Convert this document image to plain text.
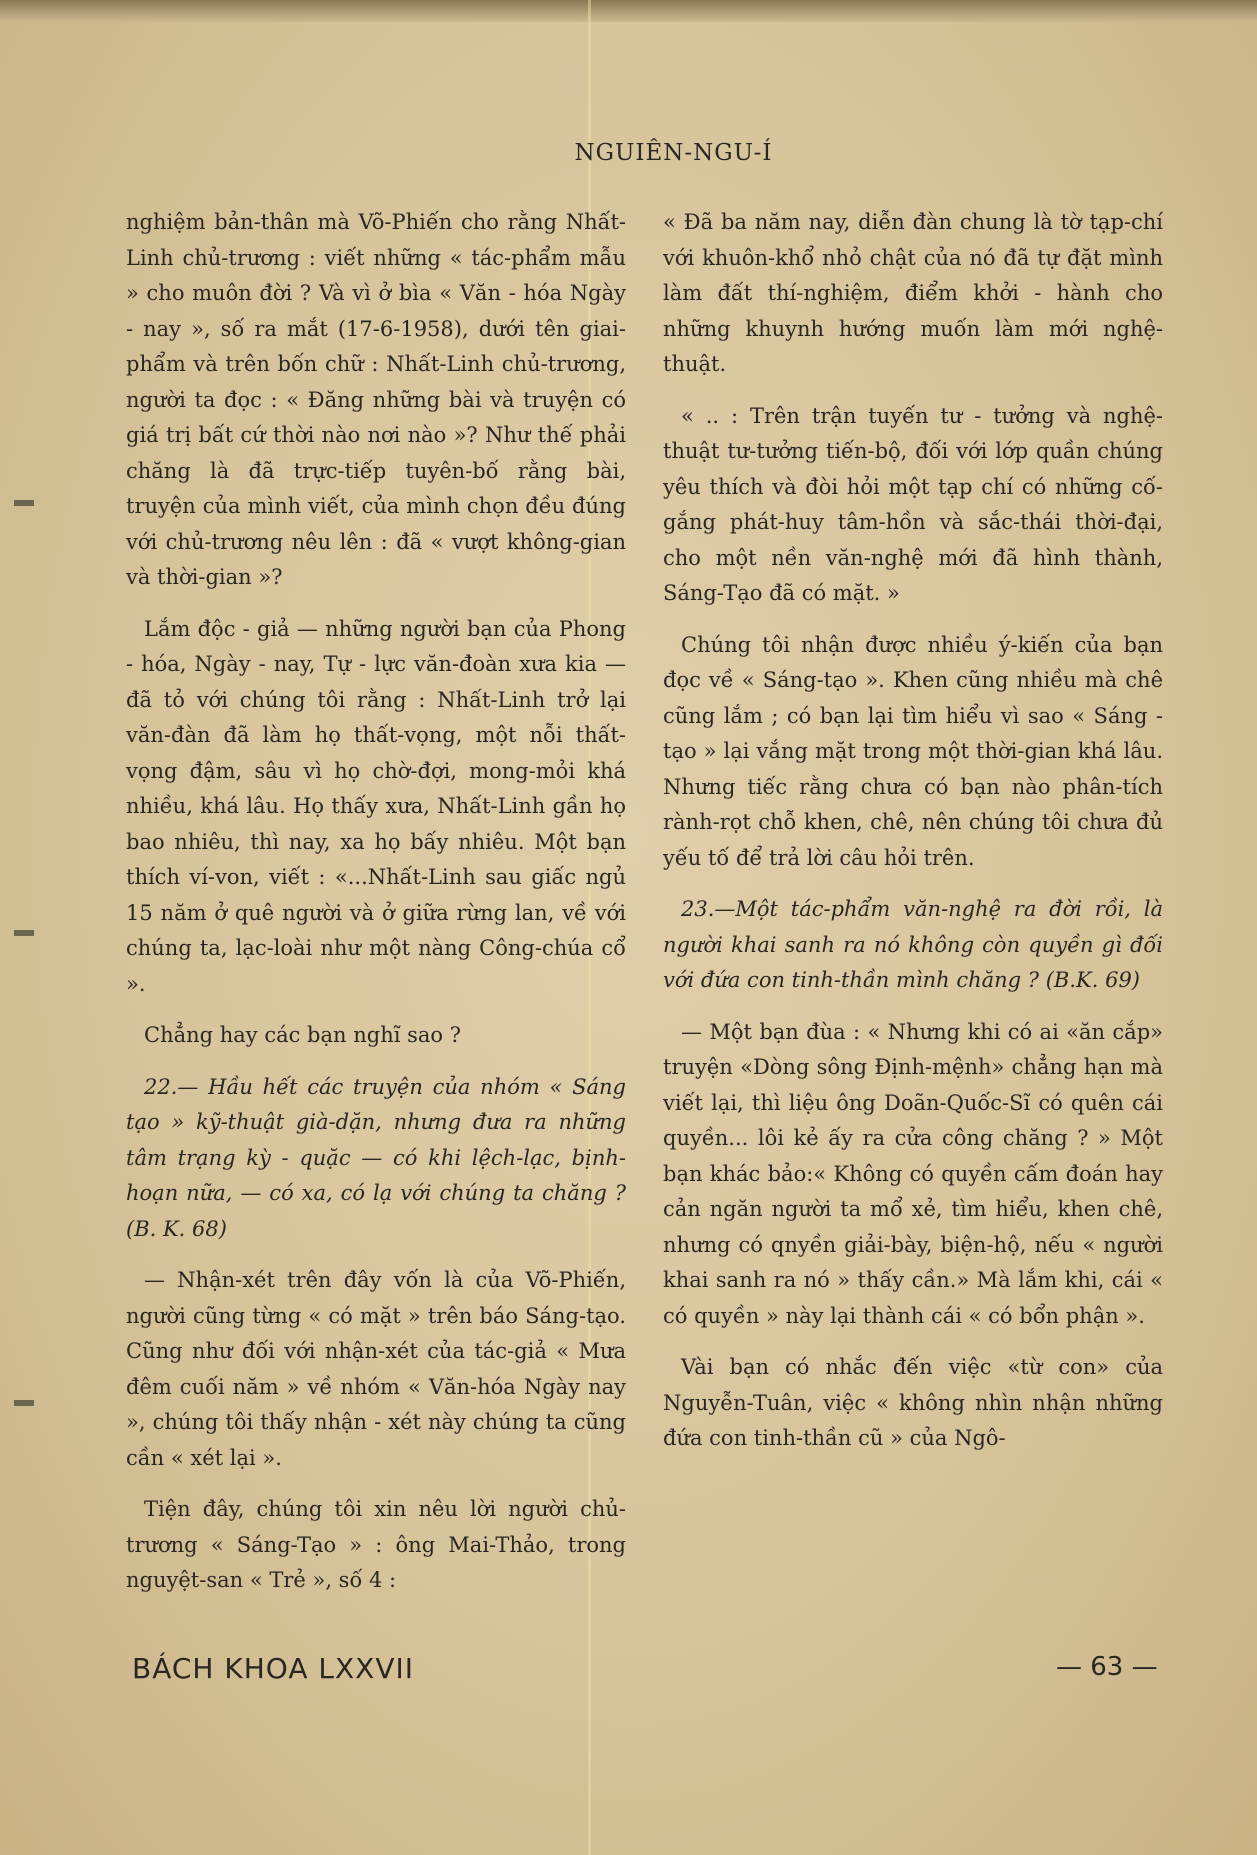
NGUIÊN-NGU-Í

nghiệm bản-thân mà Võ-Phiến cho rằng Nhất-Linh chủ-trương : viết những « tác-phẩm mẫu » cho muôn đời ? Và vì ở bìa « Văn - hóa Ngày - nay », số ra mắt (17-6-1958), dưới tên giai-phẩm và trên bốn chữ : Nhất-Linh chủ-trương, người ta đọc : « Đăng những bài và truyện có giá trị bất cứ thời nào nơi nào »? Như thế phải chăng là đã trực-tiếp tuyên-bố rằng bài, truyện của mình viết, của mình chọn đều đúng với chủ-trương nêu lên : đã « vượt không-gian và thời-gian »?

Lắm độc - giả — những người bạn của Phong - hóa, Ngày - nay, Tự - lực văn-đoàn xưa kia — đã tỏ với chúng tôi rằng : Nhất-Linh trở lại văn-đàn đã làm họ thất-vọng, một nỗi thất-vọng đậm, sâu vì họ chờ-đợi, mong-mỏi khá nhiều, khá lâu. Họ thấy xưa, Nhất-Linh gần họ bao nhiêu, thì nay, xa họ bấy nhiêu. Một bạn thích ví-von, viết : «...Nhất-Linh sau giấc ngủ 15 năm ở quê người và ở giữa rừng lan, về với chúng ta, lạc-loài như một nàng Công-chúa cổ ».

Chẳng hay các bạn nghĩ sao ?

22.— Hầu hết các truyện của nhóm « Sáng tạo » kỹ-thuật già-dặn, nhưng đưa ra những tâm trạng kỳ - quặc — có khi lệch-lạc, bịnh-hoạn nữa, — có xa, có lạ với chúng ta chăng ? (B. K. 68)

— Nhận-xét trên đây vốn là của Võ-Phiến, người cũng từng « có mặt » trên báo Sáng-tạo. Cũng như đối với nhận-xét của tác-giả « Mưa đêm cuối năm » về nhóm « Văn-hóa Ngày nay », chúng tôi thấy nhận - xét này chúng ta cũng cần « xét lại ».

Tiện đây, chúng tôi xin nêu lời người chủ-trương « Sáng-Tạo » : ông Mai-Thảo, trong nguyệt-san « Trẻ », số 4 :

« Đã ba năm nay, diễn đàn chung là tờ tạp-chí với khuôn-khổ nhỏ chật của nó đã tự đặt mình làm đất thí-nghiệm, điểm khởi - hành cho những khuynh hướng muốn làm mới nghệ-thuật.

« .. : Trên trận tuyến tư - tưởng và nghệ-thuật tư-tưởng tiến-bộ, đối với lớp quần chúng yêu thích và đòi hỏi một tạp chí có những cố-gắng phát-huy tâm-hồn và sắc-thái thời-đại, cho một nền văn-nghệ mới đã hình thành, Sáng-Tạo đã có mặt. »

Chúng tôi nhận được nhiều ý-kiến của bạn đọc về « Sáng-tạo ». Khen cũng nhiều mà chê cũng lắm ; có bạn lại tìm hiểu vì sao « Sáng - tạo » lại vắng mặt trong một thời-gian khá lâu. Nhưng tiếc rằng chưa có bạn nào phân-tích rành-rọt chỗ khen, chê, nên chúng tôi chưa đủ yếu tố để trả lời câu hỏi trên.

23.—Một tác-phẩm văn-nghệ ra đời rồi, là người khai sanh ra nó không còn quyền gì đối với đứa con tinh-thần mình chăng ? (B.K. 69)

— Một bạn đùa : « Nhưng khi có ai «ăn cắp» truyện «Dòng sông Định-mệnh» chẳng hạn mà viết lại, thì liệu ông Doãn-Quốc-Sĩ có quên cái quyền... lôi kẻ ấy ra cửa công chăng ? » Một bạn khác bảo:« Không có quyền cấm đoán hay cản ngăn người ta mổ xẻ, tìm hiểu, khen chê, nhưng có qnyền giải-bày, biện-hộ, nếu « người khai sanh ra nó » thấy cần.» Mà lắm khi, cái « có quyền » này lại thành cái « có bổn phận ».

Vài bạn có nhắc đến việc «từ con» của Nguyễn-Tuân, việc « không nhìn nhận những đứa con tinh-thần cũ » của Ngô-

BÁCH KHOA LXXVII	— 63 —
